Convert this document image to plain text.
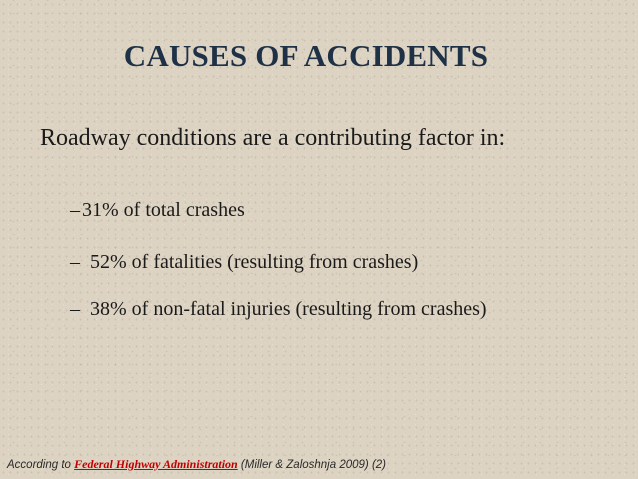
CAUSES OF ACCIDENTS
Roadway conditions are a contributing factor in:
– 31% of total crashes
– 52% of fatalities (resulting from crashes)
– 38% of non-fatal injuries (resulting from crashes)
According to Federal Highway Administration (Miller & Zaloshnja 2009) (2)
